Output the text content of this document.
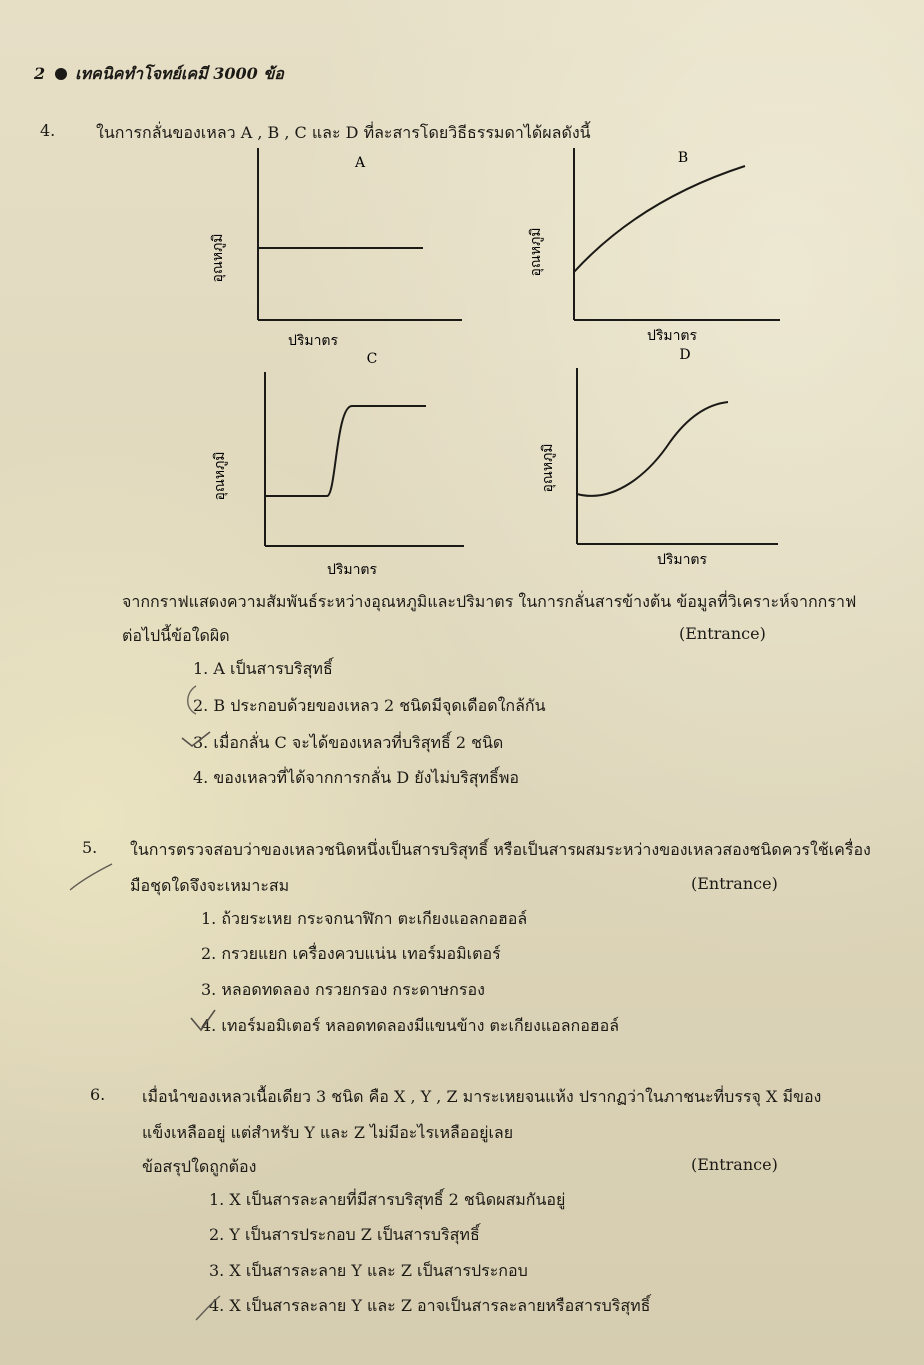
2 เทคนิคทำโจทย์เคมี 3000 ข้อ
4.	ในการกลั่นของเหลว A , B , C และ D ที่ละสารโดยวิธีธรรมดาได้ผลดังนี้
A
อุณหภูมิ
ปริมาตร
B
อุณหภูมิ
ปริมาตร
C
อุณหภูมิ
ปริมาตร
D
อุณหภูมิ
ปริมาตร
จากกราฟแสดงความสัมพันธ์ระหว่างอุณหภูมิและปริมาตร ในการกลั่นสารข้างต้น ข้อมูลที่วิเคราะห์จากกราฟ
ต่อไปนี้ข้อใดผิด	(Entrance)
1. A เป็นสารบริสุทธิ์
2. B ประกอบด้วยของเหลว 2 ชนิดมีจุดเดือดใกล้กัน
3. เมื่อกลั่น C จะได้ของเหลวที่บริสุทธิ์ 2 ชนิด
4. ของเหลวที่ได้จากการกลั่น D ยังไม่บริสุทธิ์พอ
5. ในการตรวจสอบว่าของเหลวชนิดหนึ่งเป็นสารบริสุทธิ์ หรือเป็นสารผสมระหว่างของเหลวสองชนิดควรใช้เครื่อง
มือชุดใดจึงจะเหมาะสม	(Entrance)
1. ถ้วยระเหย กระจกนาฬิกา ตะเกียงแอลกอฮอล์
2. กรวยแยก เครื่องควบแน่น เทอร์มอมิเตอร์
3. หลอดทดลอง กรวยกรอง กระดาษกรอง
4. เทอร์มอมิเตอร์ หลอดทดลองมีแขนข้าง ตะเกียงแอลกอฮอล์
6. เมื่อนำของเหลวเนื้อเดียว 3 ชนิด คือ X , Y , Z มาระเหยจนแห้ง ปรากฏว่าในภาชนะที่บรรจุ X มีของ
แข็งเหลืออยู่ แต่สำหรับ Y และ Z ไม่มีอะไรเหลืออยู่เลย
ข้อสรุปใดถูกต้อง	(Entrance)
1. X เป็นสารละลายที่มีสารบริสุทธิ์ 2 ชนิดผสมกันอยู่
2. Y เป็นสารประกอบ Z เป็นสารบริสุทธิ์
3. X เป็นสารละลาย Y และ Z เป็นสารประกอบ
4. X เป็นสารละลาย Y และ Z อาจเป็นสารละลายหรือสารบริสุทธิ์
